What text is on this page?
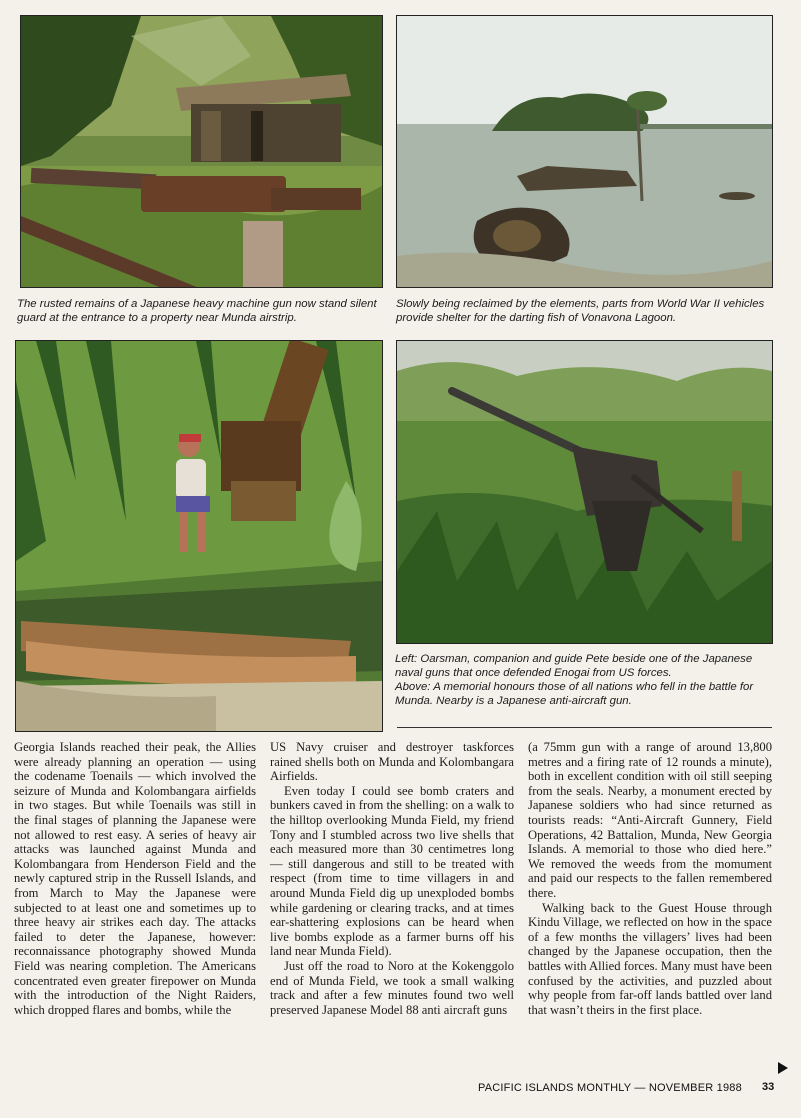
The rusted remains of a Japanese heavy machine gun now stand silent guard at the entrance to a property near Munda airstrip.

Slowly being reclaimed by the elements, parts from World War II vehicles provide shelter for the darting fish of Vonavona Lagoon.

Left: Oarsman, companion and guide Pete beside one of the Japanese naval guns that once defended Enogai from US forces.

Above: A memorial honours those of all nations who fell in the battle for Munda. Nearby is a Japanese anti-aircraft gun.

Georgia Islands reached their peak, the Allies were already planning an operation — using the codename Toenails — which involved the seizure of Munda and Kolombangara airfields in two stages. But while Toenails was still in the final stages of planning the Japanese were not allowed to rest easy. A series of heavy air attacks was launched against Munda and Kolombangara from Henderson Field and the newly captured strip in the Russell Islands, and from March to May the Japanese were subjected to at least one and sometimes up to three heavy air strikes each day. The attacks failed to deter the Japanese, however: reconnaissance photography showed Munda Field was nearing completion. The Americans concentrated even greater firepower on Munda with the introduction of the Night Raiders, which dropped flares and bombs, while the

US Navy cruiser and destroyer taskforces rained shells both on Munda and Kolombangara Airfields.

Even today I could see bomb craters and bunkers caved in from the shelling: on a walk to the hilltop overlooking Munda Field, my friend Tony and I stumbled across two live shells that each measured more than 30 centimetres long — still dangerous and still to be treated with respect (from time to time villagers in and around Munda Field dig up unexploded bombs while gardening or clearing tracks, and at times ear-shattering explosions can be heard when live bombs explode as a farmer burns off his land near Munda Field).

Just off the road to Noro at the Kokenggolo end of Munda Field, we took a small walking track and after a few minutes found two well preserved Japanese Model 88 anti aircraft guns

(a 75mm gun with a range of around 13,800 metres and a firing rate of 12 rounds a minute), both in excellent condition with oil still seeping from the seals. Nearby, a monument erected by Japanese soldiers who had since returned as tourists reads: “Anti-Aircraft Gunnery, Field Operations, 42 Battalion, Munda, New Georgia Islands. A memorial to those who died here.” We removed the weeds from the momument and paid our respects to the fallen remembered there.

Walking back to the Guest House through Kindu Village, we reflected on how in the space of a few months the villagers’ lives had been changed by the Japanese occupation, then the battles with Allied forces. Many must have been confused by the activities, and puzzled about why people from far-off lands battled over land that wasn’t theirs in the first place.

PACIFIC ISLANDS MONTHLY — NOVEMBER 1988 33
